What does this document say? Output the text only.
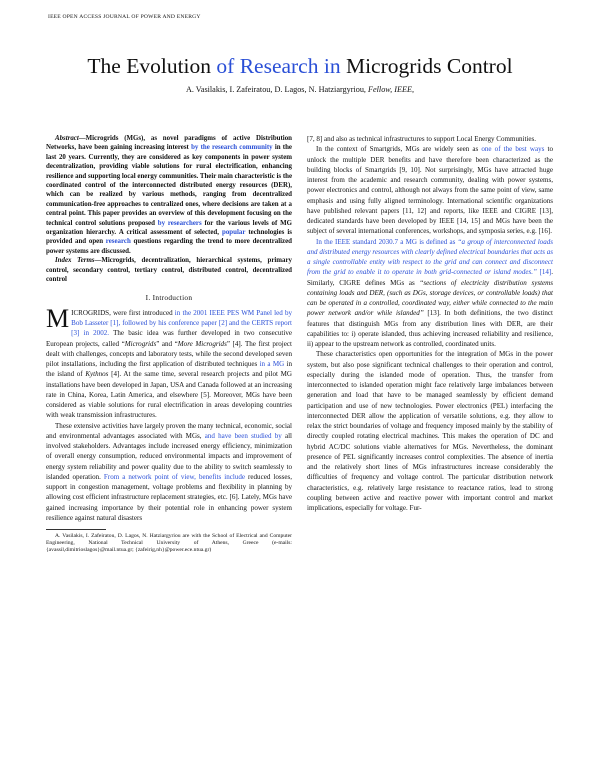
IEEE OPEN ACCESS JOURNAL OF POWER AND ENERGY
The Evolution of Research in Microgrids Control
A. Vasilakis, I. Zafeiratou, D. Lagos, N. Hatziargyriou, Fellow, IEEE,

Abstract—Microgrids (MGs), as novel paradigms of active Distribution Networks, have been gaining increasing interest by the research community in the last 20 years. Currently, they are considered as key components in power system decentralization, providing viable solutions for rural electrification, enhancing resilience and supporting local energy communities. Their main characteristic is the coordinated control of the interconnected distributed energy resources (DER), which can be realized by various methods, ranging from decentralized communication-free approaches to centralized ones, where decisions are taken at a central point. This paper provides an overview of this development focusing on the technical control solutions proposed by researchers for the various levels of MG organization hierarchy. A critical assessment of selected, popular technologies is provided and open research questions regarding the trend to more decentralized power systems are discussed.

Index Terms—Microgrids, decentralization, hierarchical systems, primary control, secondary control, tertiary control, distributed control, decentralized control

I. Introduction

MICROGRIDS, were first introduced in the 2001 IEEE PES WM Panel led by Bob Lasseter [1], followed by his conference paper [2] and the CERTS report [3] in 2002. The basic idea was further developed in two consecutive European projects, called “Microgrids” and “More Microgrids” [4]. The first project dealt with challenges, concepts and laboratory tests, while the second developed seven pilot installations, including the first application of distributed techniques in a MG in the island of Kythnos [4]. At the same time, several research projects and pilot MG installations have been developed in Japan, USA and Canada followed at an increasing rate in China, Korea, Latin America, and elsewhere [5]. Moreover, MGs have been considered as viable solutions for rural electrification in areas developing countries with weak transmission infrastructures.

These extensive activities have largely proven the many technical, economic, social and environmental advantages associated with MGs, and have been studied by all involved stakeholders. Advantages include increased energy efficiency, minimization of overall energy consumption, reduced environmental impacts and improvement of energy system reliability and power quality due to the ability to switch seamlessly to islanded operation. From a network point of view, benefits include reduced losses, support in congestion management, voltage problems and flexibility in planning by allowing cost efficient infrastructure replacement strategies, etc. [6]. Lately, MGs have gained increasing importance by their potential role in enhancing power system resilience against natural disasters

A. Vasilakis, I. Zafeiratou, D. Lagos, N. Hatziargyriou are with the School of Electrical and Computer Engineering, National Technical University of Athens, Greece (e-mails: {avassil,dimitrioslagos}@mail.ntua.gr; {zafeirig,nh}@power.ece.ntua.gr)

[7, 8] and also as technical infrastructures to support Local Energy Communities.

In the context of Smartgrids, MGs are widely seen as one of the best ways to unlock the multiple DER benefits and have therefore been characterized as the building blocks of Smartgrids [9, 10]. Not surprisingly, MGs have attracted huge interest from the academic and research community, dealing with power systems, power electronics and control, although not always from the same point of view, same emphasis and using fully aligned terminology. International scientific organizations have published relevant papers [11, 12] and reports, like IEEE and CIGRE [13], dedicated standards have been developed by IEEE [14, 15] and MGs have been the subject of several international conferences, workshops, and symposia series, e.g. [16].

In the IEEE standard 2030.7 a MG is defined as “a group of interconnected loads and distributed energy resources with clearly defined electrical boundaries that acts as a single controllable entity with respect to the grid and can connect and disconnect from the grid to enable it to operate in both grid-connected or island modes.” [14]. Similarly, CIGRE defines MGs as “sections of electricity distribution systems containing loads and DER, (such as DGs, storage devices, or controllable loads) that can be operated in a controlled, coordinated way, either while connected to the main power network and/or while islanded” [13]. In both definitions, the two distinct features that distinguish MGs from any distribution lines with DER, are their capabilities to: i) operate islanded, thus achieving increased reliability and resilience, ii) appear to the upstream network as controlled, coordinated units.

These characteristics open opportunities for the integration of MGs in the power system, but also pose significant technical challenges to their operation and control, especially during the islanded mode of operation. Thus, the transfer from interconnected to islanded operation might face relatively large imbalances between generation and load that have to be managed seamlessly by efficient demand participation and use of new technologies. Power electronics (PEL) interfacing the interconnected DER allow the application of versatile solutions, e.g. they allow to relax the strict boundaries of voltage and frequency imposed mainly by the stability of directly coupled rotating electrical machines. This makes the operation of DC and hybrid AC/DC solutions viable alternatives for MGs. Nevertheless, the dominant presence of PEL significantly increases control complexities. The absence of inertia and the relatively short lines of MGs infrastructures increase considerably the difficulties of frequency and voltage control. The particular distribution network characteristics, e.g. relatively large resistance to reactance ratios, lead to strong coupling between active and reactive power with important control and market implications, especially for voltage. Fur-
